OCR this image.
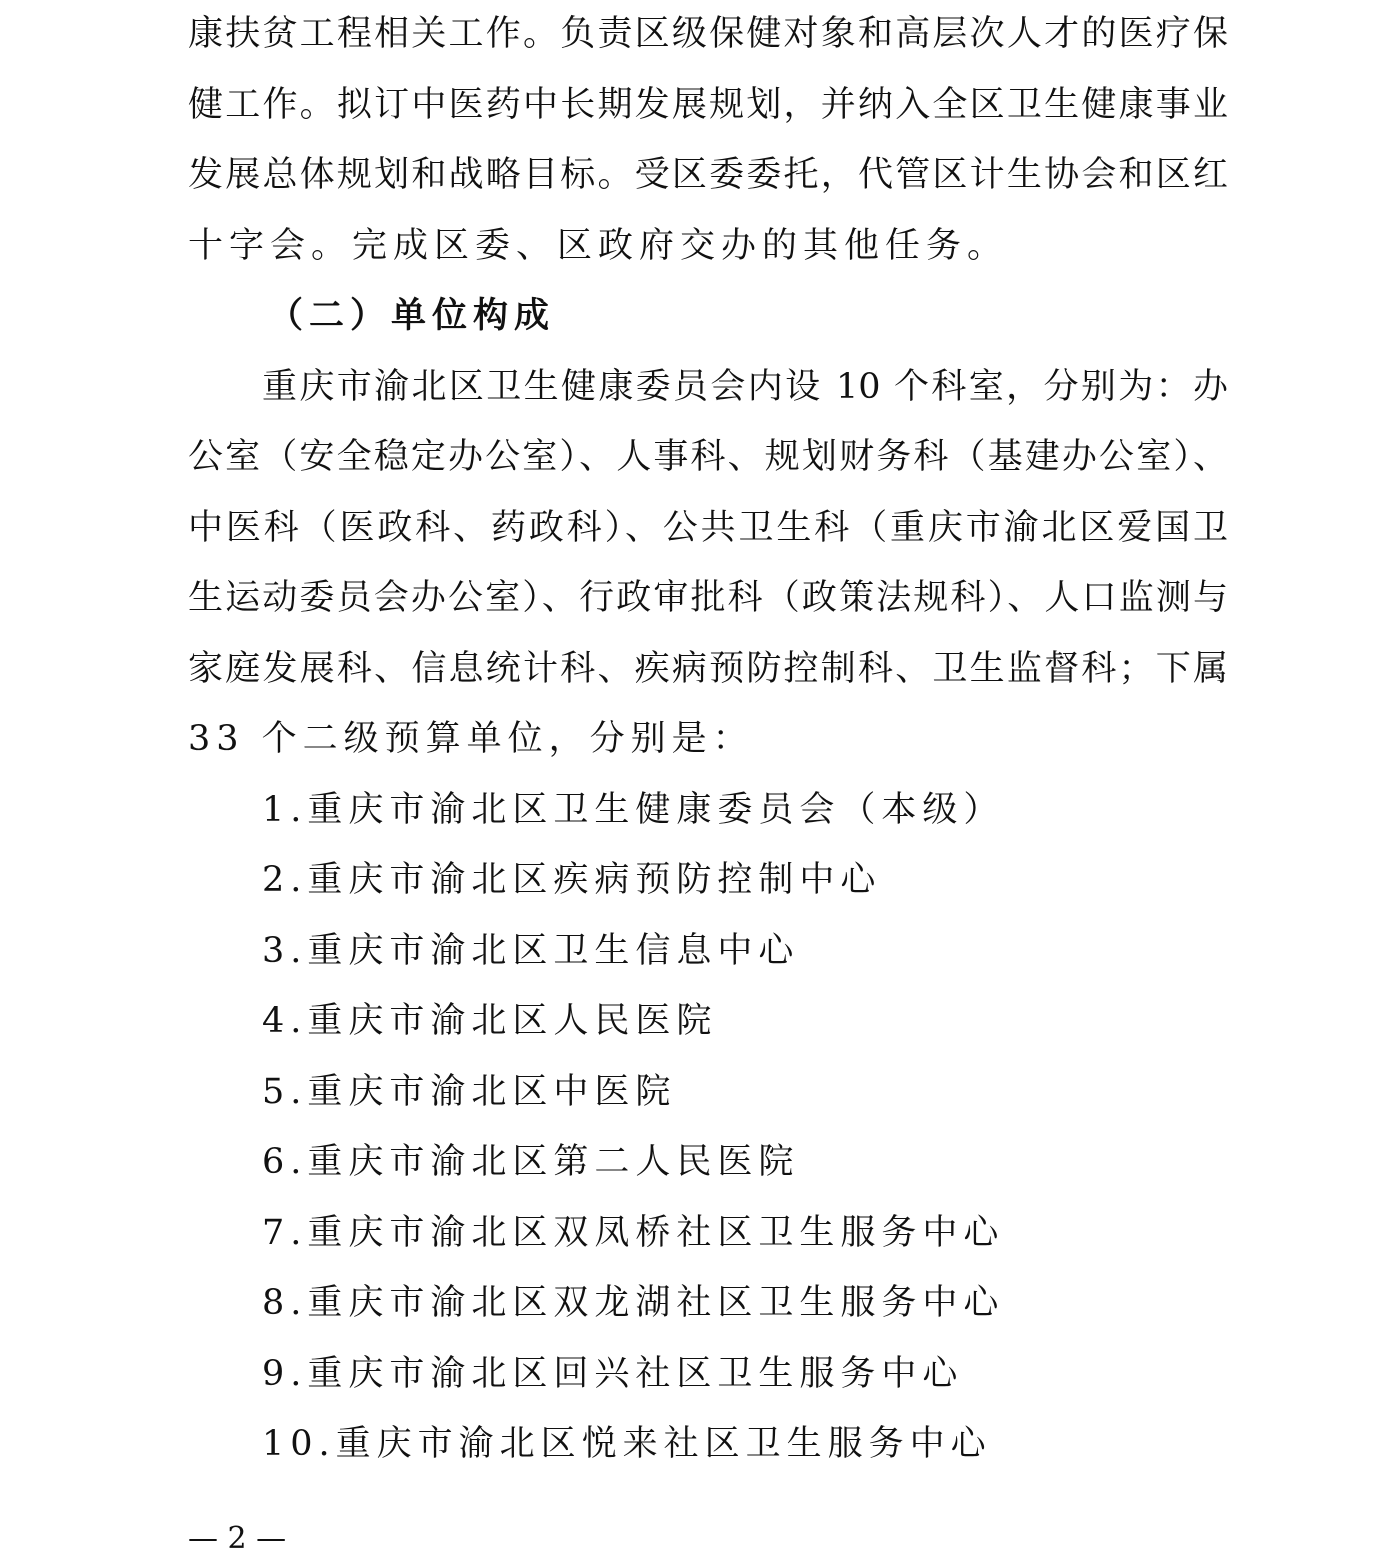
康扶贫工程相关工作。负责区级保健对象和高层次人才的医疗保
健工作。拟订中医药中长期发展规划，并纳入全区卫生健康事业
发展总体规划和战略目标。受区委委托，代管区计生协会和区红
十字会。完成区委、区政府交办的其他任务。
（二）单位构成
重庆市渝北区卫生健康委员会内设 10 个科室，分别为：办
公室（安全稳定办公室）、人事科、规划财务科（基建办公室）、
中医科（医政科、药政科）、公共卫生科（重庆市渝北区爱国卫
生运动委员会办公室）、行政审批科（政策法规科）、人口监测与
家庭发展科、信息统计科、疾病预防控制科、卫生监督科；下属
33 个二级预算单位，分别是：
1.重庆市渝北区卫生健康委员会（本级）
2.重庆市渝北区疾病预防控制中心
3.重庆市渝北区卫生信息中心
4.重庆市渝北区人民医院
5.重庆市渝北区中医院
6.重庆市渝北区第二人民医院
7.重庆市渝北区双凤桥社区卫生服务中心
8.重庆市渝北区双龙湖社区卫生服务中心
9.重庆市渝北区回兴社区卫生服务中心
10.重庆市渝北区悦来社区卫生服务中心
— 2 —
